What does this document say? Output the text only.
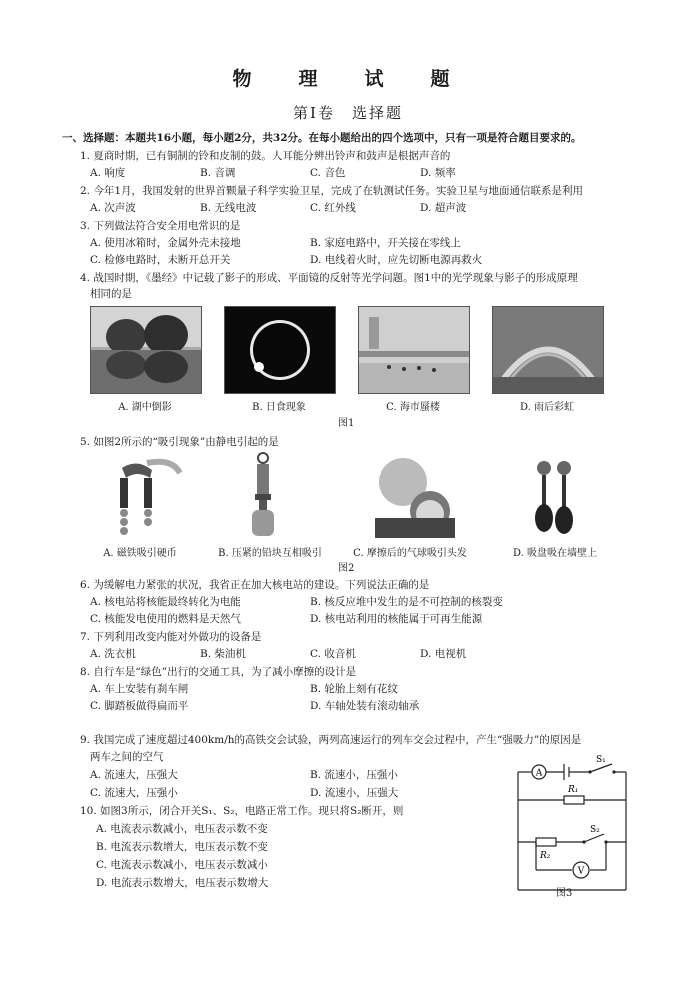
物　理　试　题
第Ⅰ卷　选择题
一、选择题：本题共16小题，每小题2分，共32分。在每小题给出的四个选项中，只有一项是符合题目要求的。
1. 夏商时期，已有铜制的铃和皮制的鼓。人耳能分辨出铃声和鼓声是根据声音的
A. 响度	B. 音调	C. 音色	D. 频率
2. 今年1月，我国发射的世界首颗量子科学实验卫星，完成了在轨测试任务。实验卫星与地面通信联系是利用
A. 次声波	B. 无线电波	C. 红外线	D. 超声波
3. 下列做法符合安全用电常识的是
A. 使用冰箱时，金属外壳未接地	B. 家庭电路中，开关接在零线上
C. 检修电路时，未断开总开关	D. 电线着火时，应先切断电源再救火
4. 战国时期，《墨经》中记载了影子的形成、平面镜的反射等光学问题。图1中的光学现象与影子的形成原理
相同的是
A. 湖中倒影	B. 日食现象	C. 海市蜃楼	D. 雨后彩虹
图1
5. 如图2所示的“吸引现象”由静电引起的是
A. 磁铁吸引硬币	B. 压紧的铅块互相吸引	C. 摩擦后的气球吸引头发	D. 吸盘吸在墙壁上
图2
6. 为缓解电力紧张的状况，我省正在加大核电站的建设。下列说法正确的是
A. 核电站将核能最终转化为电能	B. 核反应堆中发生的是不可控制的核裂变
C. 核能发电使用的燃料是天然气	D. 核电站利用的核能属于可再生能源
7. 下列利用改变内能对外做功的设备是
A. 洗衣机	B. 柴油机	C. 收音机	D. 电视机
8. 自行车是“绿色”出行的交通工具，为了减小摩擦的设计是
A. 车上安装有刹车闸	B. 轮胎上刻有花纹
C. 脚踏板做得扁而平	D. 车轴处装有滚动轴承
9. 我国完成了速度超过400km/h的高铁交会试验，两列高速运行的列车交会过程中，产生“强吸力”的原因是
两车之间的空气
A. 流速大，压强大	B. 流速小，压强小
C. 流速大，压强小	D. 流速小，压强大
10. 如图3所示，闭合开关S₁、S₂，电路正常工作。现只将S₂断开，则
A. 电流表示数减小，电压表示数不变
B. 电流表示数增大，电压表示数不变
C. 电流表示数减小，电压表示数减小
D. 电流表示数增大，电压表示数增大
A
V
S₁
R₁
S₂
R₂
图3
